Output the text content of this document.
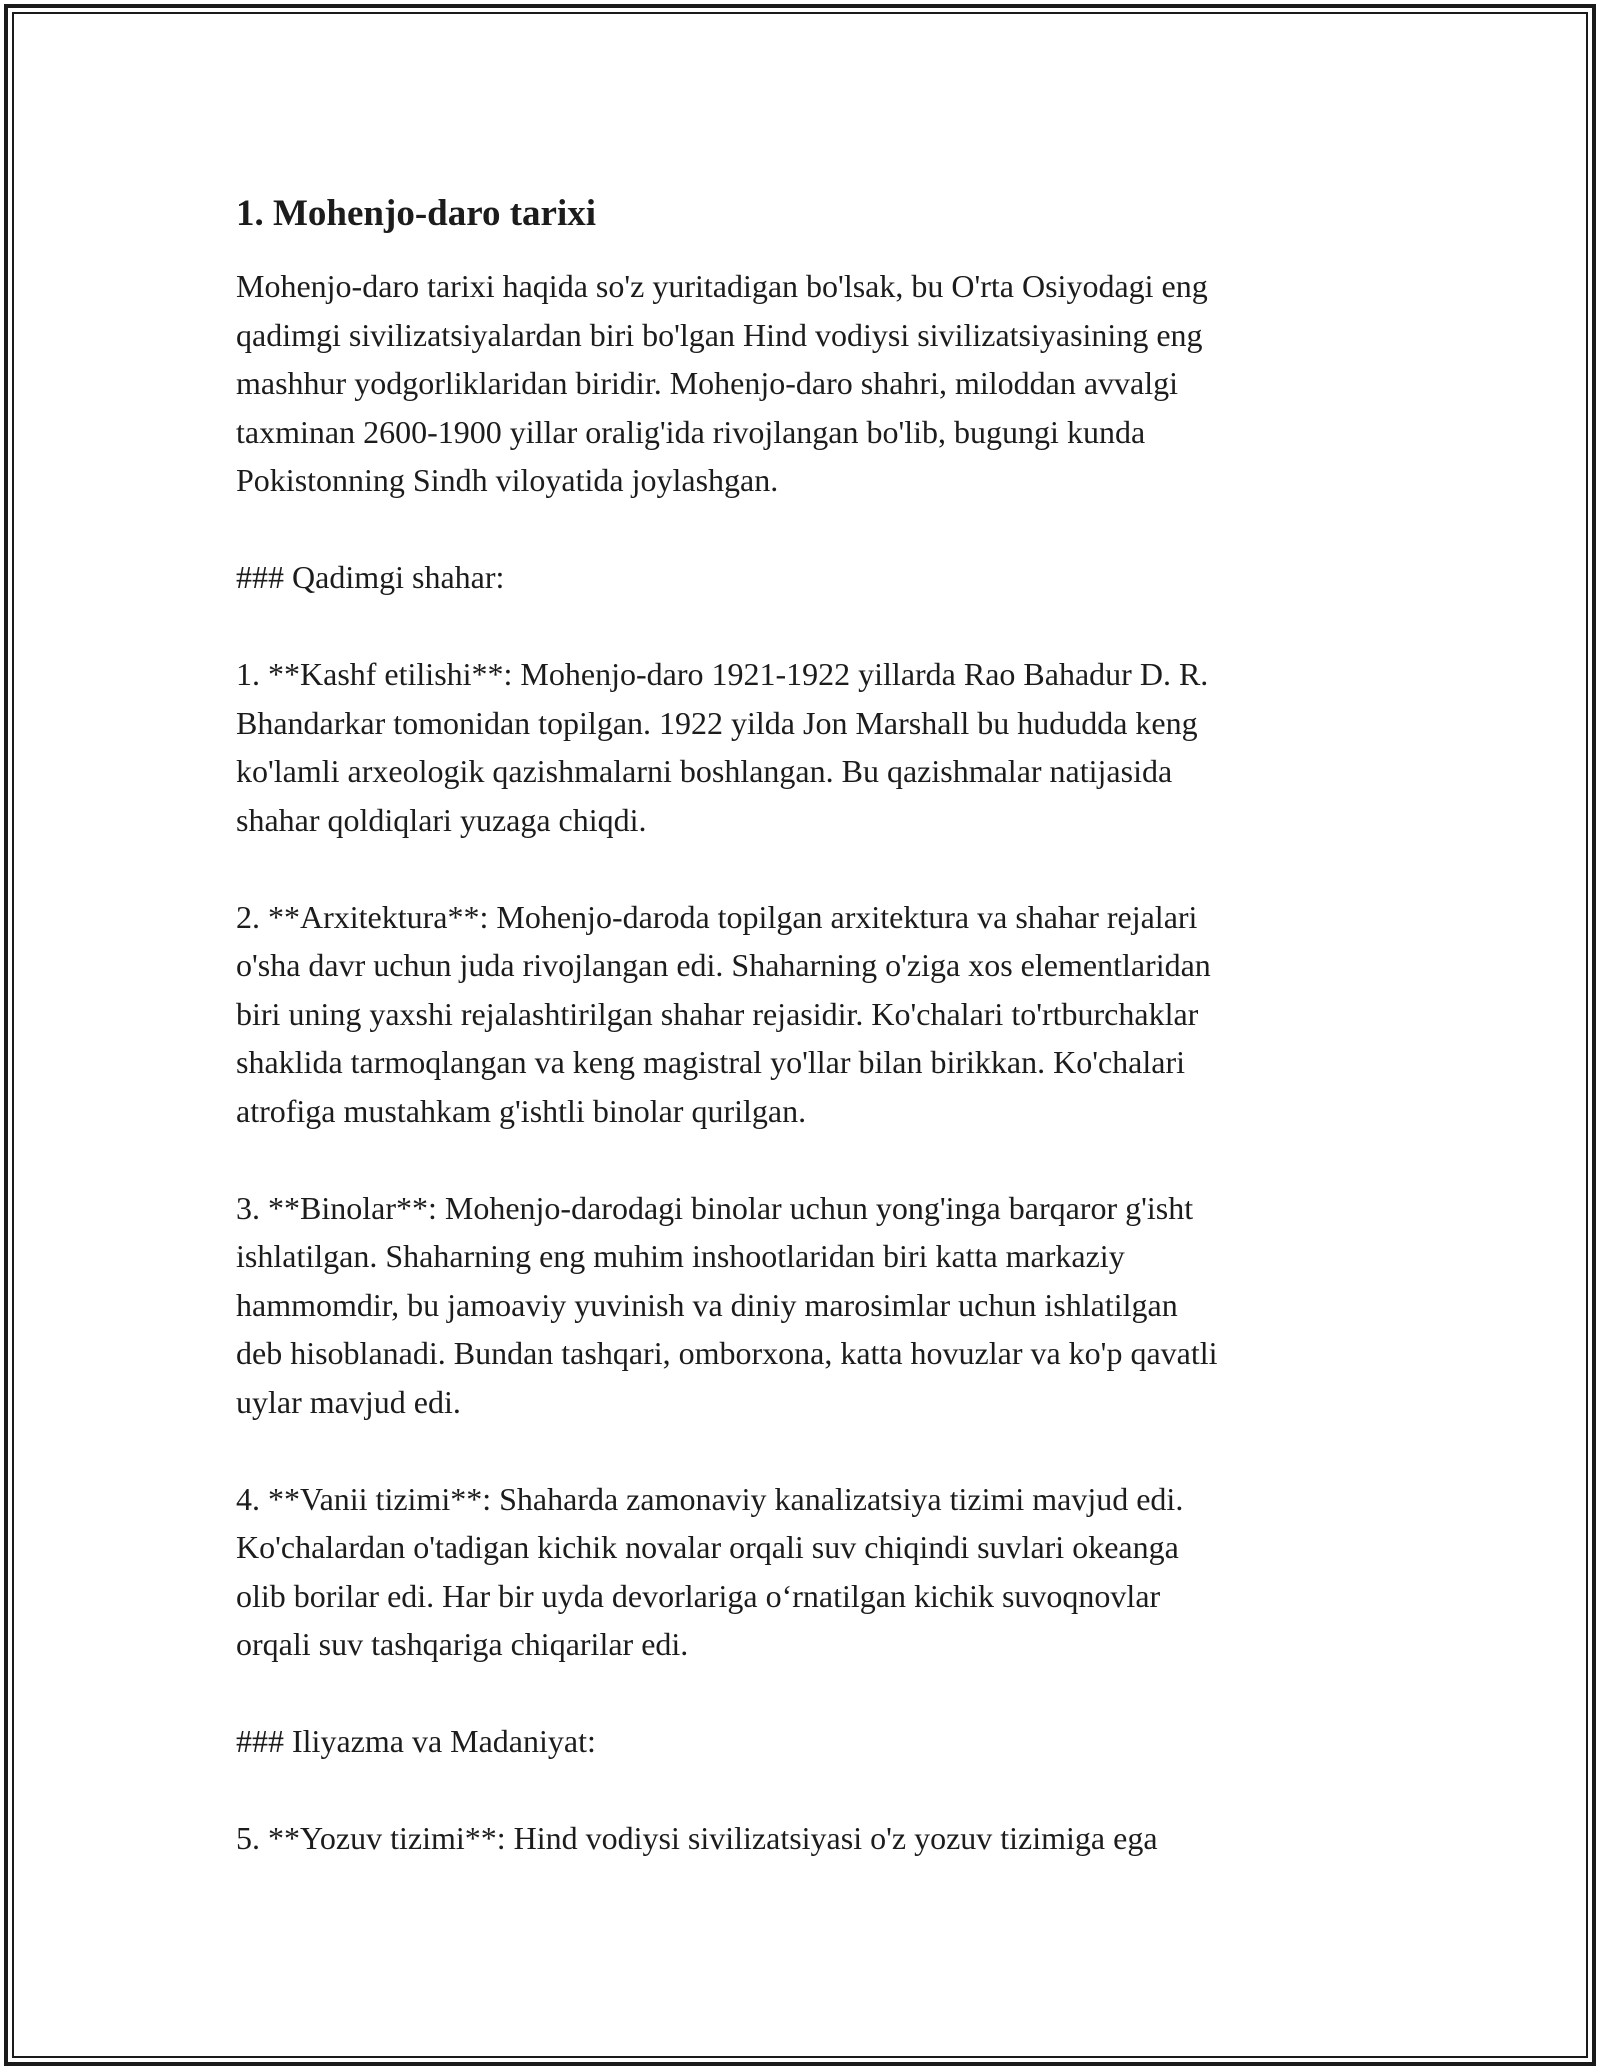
1. Mohenjo-daro tarixi

Mohenjo-daro tarixi haqida so'z yuritadigan bo'lsak, bu O'rta Osiyodagi eng
qadimgi sivilizatsiyalardan biri bo'lgan Hind vodiysi sivilizatsiyasining eng
mashhur yodgorliklaridan biridir. Mohenjo-daro shahri, miloddan avvalgi
taxminan 2600-1900 yillar oralig'ida rivojlangan bo'lib, bugungi kunda
Pokistonning Sindh viloyatida joylashgan.

### Qadimgi shahar:

1. **Kashf etilishi**: Mohenjo-daro 1921-1922 yillarda Rao Bahadur D. R.
Bhandarkar tomonidan topilgan. 1922 yilda Jon Marshall bu hududda keng
ko'lamli arxeologik qazishmalarni boshlangan. Bu qazishmalar natijasida
shahar qoldiqlari yuzaga chiqdi.

2. **Arxitektura**: Mohenjo-daroda topilgan arxitektura va shahar rejalari
o'sha davr uchun juda rivojlangan edi. Shaharning o'ziga xos elementlaridan
biri uning yaxshi rejalashtirilgan shahar rejasidir. Ko'chalari to'rtburchaklar
shaklida tarmoqlangan va keng magistral yo'llar bilan birikkan. Ko'chalari
atrofiga mustahkam g'ishtli binolar qurilgan.

3. **Binolar**: Mohenjo-darodagi binolar uchun yong'inga barqaror g'isht
ishlatilgan. Shaharning eng muhim inshootlaridan biri katta markaziy
hammomdir, bu jamoaviy yuvinish va diniy marosimlar uchun ishlatilgan
deb hisoblanadi. Bundan tashqari, omborxona, katta hovuzlar va ko'p qavatli
uylar mavjud edi.

4. **Vanii tizimi**: Shaharda zamonaviy kanalizatsiya tizimi mavjud edi.
Ko'chalardan o'tadigan kichik novalar orqali suv chiqindi suvlari okeanga
olib borilar edi. Har bir uyda devorlariga o‘rnatilgan kichik suvoqnovlar
orqali suv tashqariga chiqarilar edi.

### Iliyazma va Madaniyat:

5. **Yozuv tizimi**: Hind vodiysi sivilizatsiyasi o'z yozuv tizimiga ega
